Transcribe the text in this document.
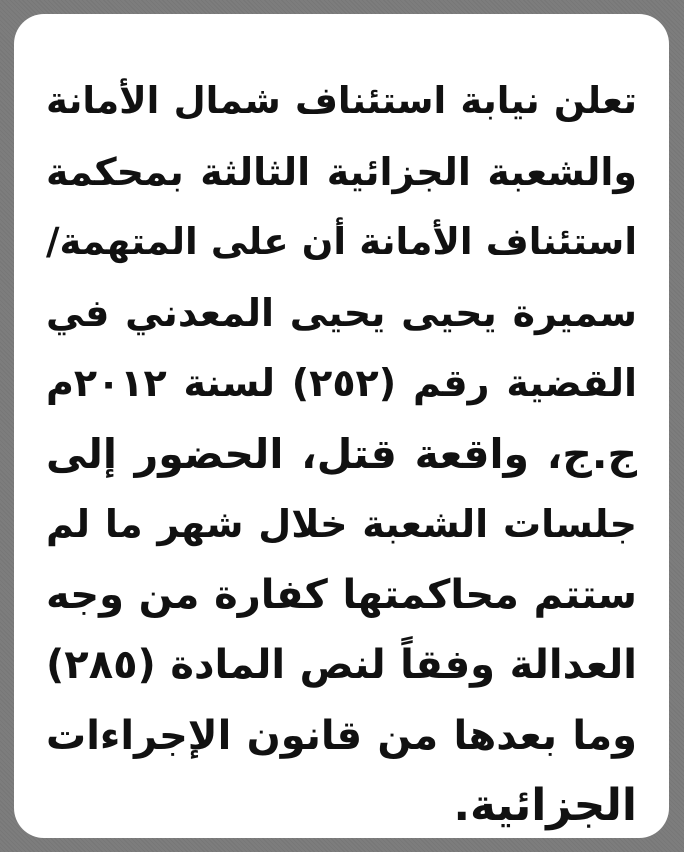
تعلن نيابة استئناف شمال الأمانة
والشعبة الجزائية الثالثة بمحكمة
استئناف الأمانة أن على المتهمة/
سميرة يحيى يحيى المعدني في
القضية رقم (٢٥٢) لسنة ٢٠١٢م
ج.ج، واقعة قتل، الحضور إلى
جلسات الشعبة خلال شهر ما لم
ستتم محاكمتها كفارة من وجه
العدالة وفقاً لنص المادة (٢٨٥)
وما بعدها من قانون الإجراءات
الجزائية.
